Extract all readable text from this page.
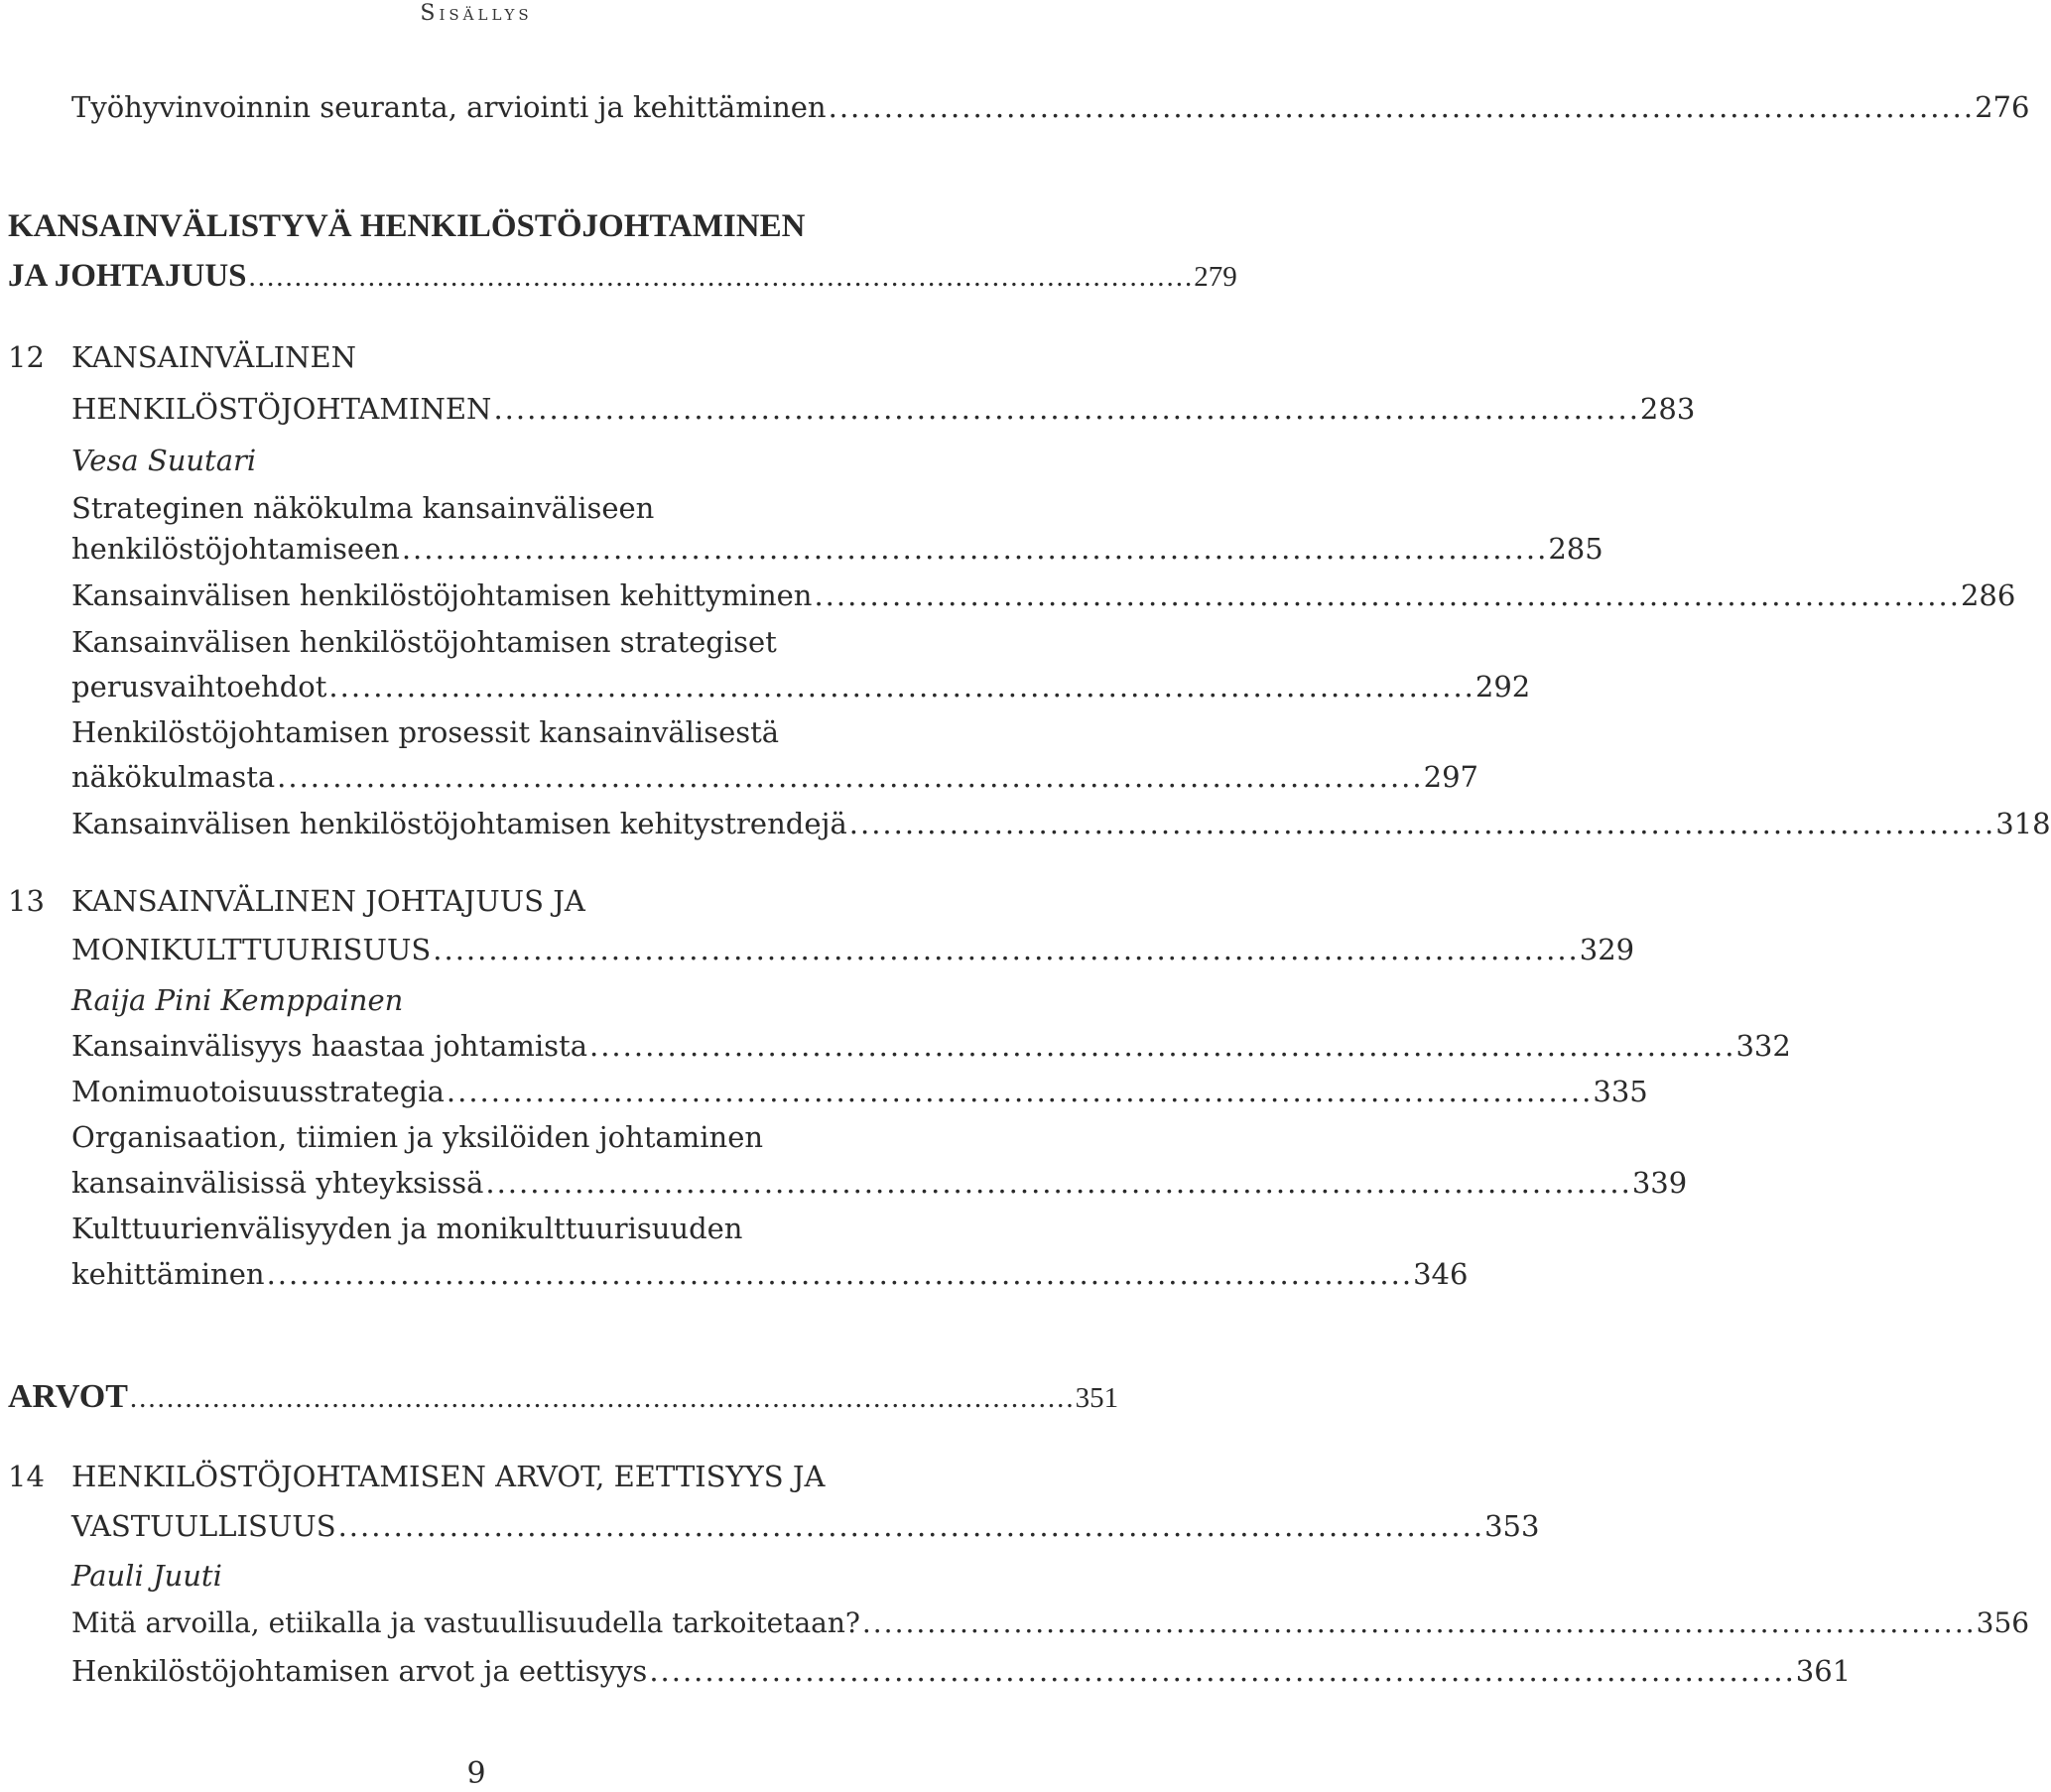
Sisällys
Työhyvinvoinnin seuranta, arviointi ja kehittäminen ....................................................................................................... 276
KANSAINVÄLISTYVÄ HENKILÖSTÖJOHTAMINEN
JA JOHTAJUUS ....................................................................................................... 279
12 KANSAINVÄLINEN
HENKILÖSTÖJOHTAMINEN ....................................................................................................... 283
Vesa Suutari
Strateginen näkökulma kansainväliseen
henkilöstöjohtamiseen ....................................................................................................... 285
Kansainvälisen henkilöstöjohtamisen kehittyminen ....................................................................................................... 286
Kansainvälisen henkilöstöjohtamisen strategiset
perusvaihtoehdot ....................................................................................................... 292
Henkilöstöjohtamisen prosessit kansainvälisestä
näkökulmasta ....................................................................................................... 297
Kansainvälisen henkilöstöjohtamisen kehitystrendejä ....................................................................................................... 318
13 KANSAINVÄLINEN JOHTAJUUS JA
MONIKULTTUURISUUS ....................................................................................................... 329
Raija Pini Kemppainen
Kansainvälisyys haastaa johtamista ....................................................................................................... 332
Monimuotoisuusstrategia ....................................................................................................... 335
Organisaation, tiimien ja yksilöiden johtaminen
kansainvälisissä yhteyksissä ....................................................................................................... 339
Kulttuurienvälisyyden ja monikulttuurisuuden
kehittäminen ....................................................................................................... 346
ARVOT ....................................................................................................... 351
14 HENKILÖSTÖJOHTAMISEN ARVOT, EETTISYYS JA
VASTUULLISUUS ....................................................................................................... 353
Pauli Juuti
Mitä arvoilla, etiikalla ja vastuullisuudella tarkoitetaan? ....................................................................................................... 356
Henkilöstöjohtamisen arvot ja eettisyys ....................................................................................................... 361
9
